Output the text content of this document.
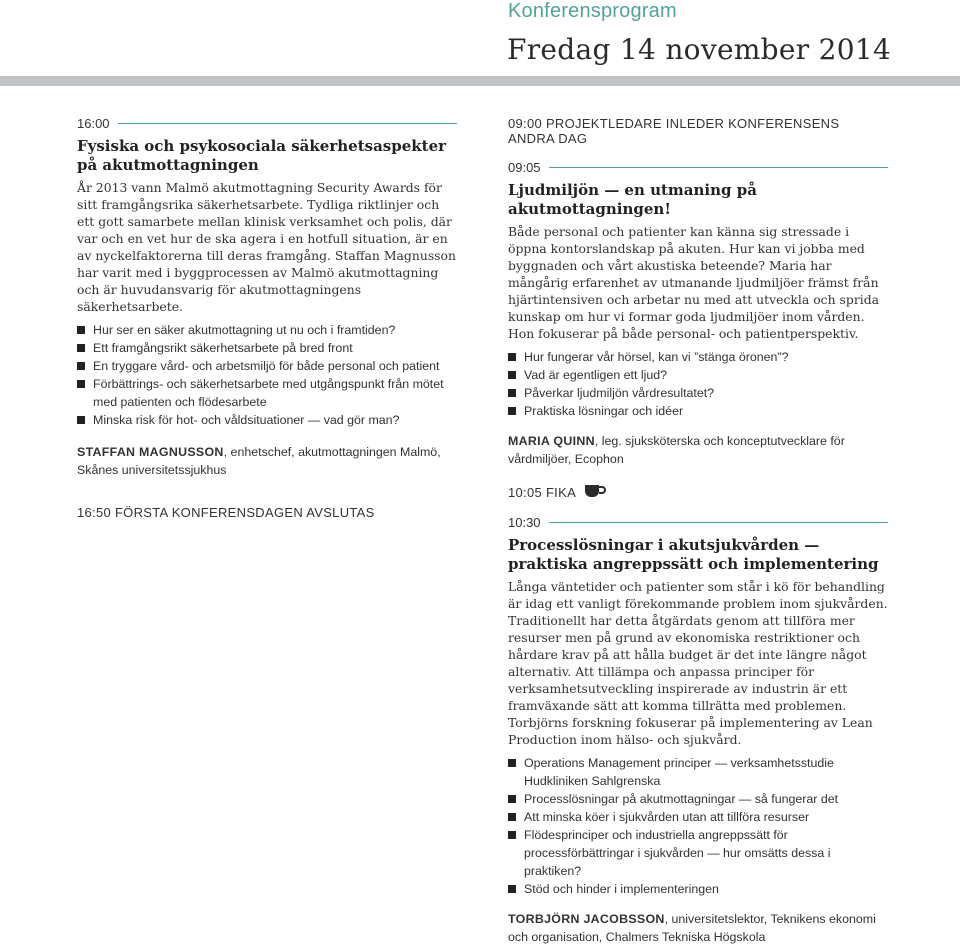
Konferensprogram
Fredag 14 november 2014
16:00
Fysiska och psykosociala säkerhetsaspekter på akutmottagningen

År 2013 vann Malmö akutmottagning Security Awards för sitt framgångsrika säkerhetsarbete. Tydliga riktlinjer och ett gott samarbete mellan klinisk verksamhet och polis, där var och en vet hur de ska agera i en hotfull situation, är en av nyckelfaktorerna till deras framgång. Staffan Magnusson har varit med i byggprocessen av Malmö akutmottagning och är huvudansvarig för akutmottagningens säkerhetsarbete.

Hur ser en säker akutmottagning ut nu och i framtiden?
Ett framgångsrikt säkerhetsarbete på bred front
En tryggare vård- och arbetsmiljö för både personal och patient
Förbättrings- och säkerhetsarbete med utgångspunkt från mötet med patienten och flödesarbete
Minska risk för hot- och våldsituationer — vad gör man?
STAFFAN MAGNUSSON, enhetschef, akutmottagningen Malmö, Skånes universitetssjukhus
16:50 FÖRSTA KONFERENSDAGEN AVSLUTAS
09:00 PROJEKTLEDARE INLEDER KONFERENSENS ANDRA DAG
09:05
Ljudmiljön — en utmaning på akutmottagningen!

Både personal och patienter kan känna sig stressade i öppna kontorslandskap på akuten. Hur kan vi jobba med byggnaden och vårt akustiska beteende? Maria har mångårig erfarenhet av utmanande ljudmiljöer främst från hjärtintensiven och arbetar nu med att utveckla och sprida kunskap om hur vi formar goda ljudmiljöer inom vården. Hon fokuserar på både personal- och patientperspektiv.

Hur fungerar vår hörsel, kan vi ”stänga öronen”?
Vad är egentligen ett ljud?
Påverkar ljudmiljön vårdresultatet?
Praktiska lösningar och idéer
MARIA QUINN, leg. sjuksköterska och konceptutvecklare för vårdmiljöer, Ecophon
10:05 FIKA
10:30
Processlösningar i akutsjukvården — praktiska angreppssätt och implementering

Långa väntetider och patienter som står i kö för behandling är idag ett vanligt förekommande problem inom sjukvården. Traditionellt har detta åtgärdats genom att tillföra mer resurser men på grund av ekonomiska restriktioner och hårdare krav på att hålla budget är det inte längre något alternativ. Att tillämpa och anpassa principer för verksamhetsutveckling inspirerade av industrin är ett framväxande sätt att komma tillrätta med problemen. Torbjörns forskning fokuserar på implementering av Lean Production inom hälso- och sjukvård.

Operations Management principer — verksamhetsstudie Hudkliniken Sahlgrenska
Processlösningar på akutmottagningar — så fungerar det
Att minska köer i sjukvården utan att tillföra resurser
Flödesprinciper och industriella angreppssätt för processförbättringar i sjukvården — hur omsätts dessa i praktiken?
Stöd och hinder i implementeringen
TORBJÖRN JACOBSSON, universitetslektor, Teknikens ekonomi och organisation, Chalmers Tekniska Högskola
